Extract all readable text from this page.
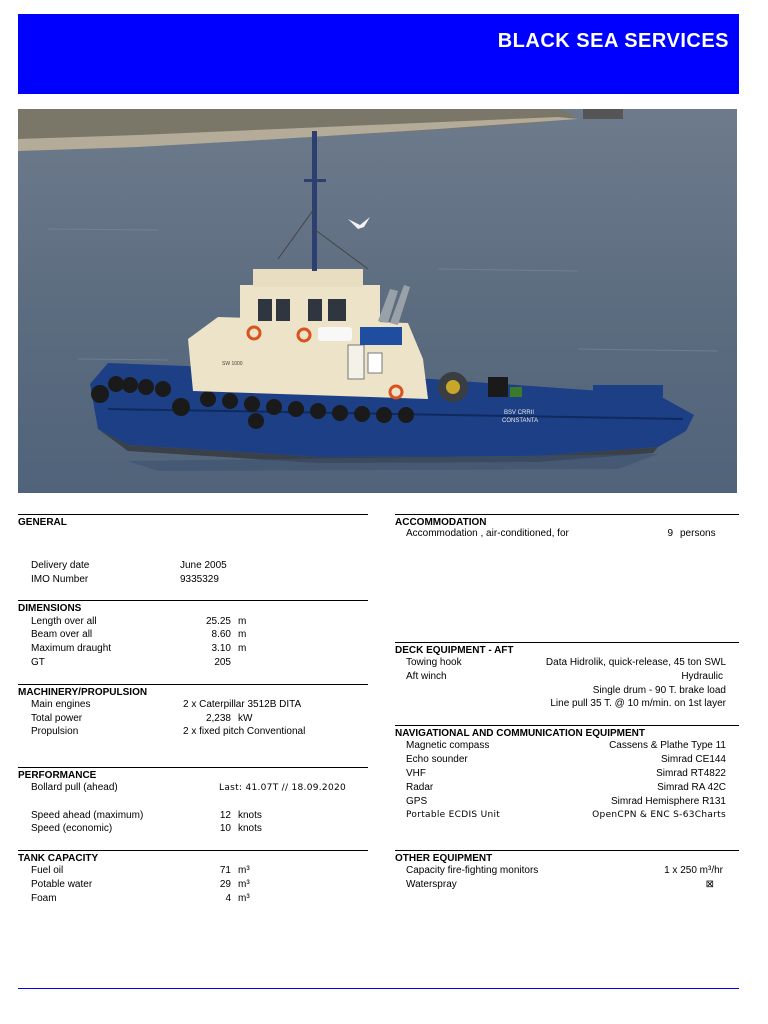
BLACK SEA SERVICES
BSV CRRII
CONSTANTA
SW 1000
GENERAL
Delivery date	June 2005
IMO Number	9335329
DIMENSIONS
Length over all	25.25 m
Beam over all	8.60 m
Maximum draught	3.10 m
GT	205
MACHINERY/PROPULSION
Main engines	2 x Caterpillar 3512B DITA
Total power	2,238 kW
Propulsion	2 x fixed pitch Conventional
PERFORMANCE
Bollard pull (ahead)	Last: 41.07T // 18.09.2020
Speed ahead (maximum)	12 knots
Speed (economic)	10 knots
TANK CAPACITY
Fuel oil	71 m³
Potable water	29 m³
Foam	4 m³
ACCOMMODATION
Accommodation , air-conditioned, for	9 persons
DECK EQUIPMENT - AFT
Towing hook	Data Hidrolik, quick-release, 45 ton SWL
Aft winch	Hydraulic
Single drum - 90 T. brake load
Line pull 35 T. @ 10 m/min. on 1st layer
NAVIGATIONAL AND COMMUNICATION EQUIPMENT
Magnetic compass	Cassens & Plathe Type 11
Echo sounder	Simrad CE144
VHF	Simrad RT4822
Radar	Simrad RA 42C
GPS	Simrad Hemisphere R131
Portable ECDIS Unit	OpenCPN & ENC S-63Charts
OTHER EQUIPMENT
Capacity fire-fighting monitors	1 x 250 m³/hr
Waterspray	⊠
